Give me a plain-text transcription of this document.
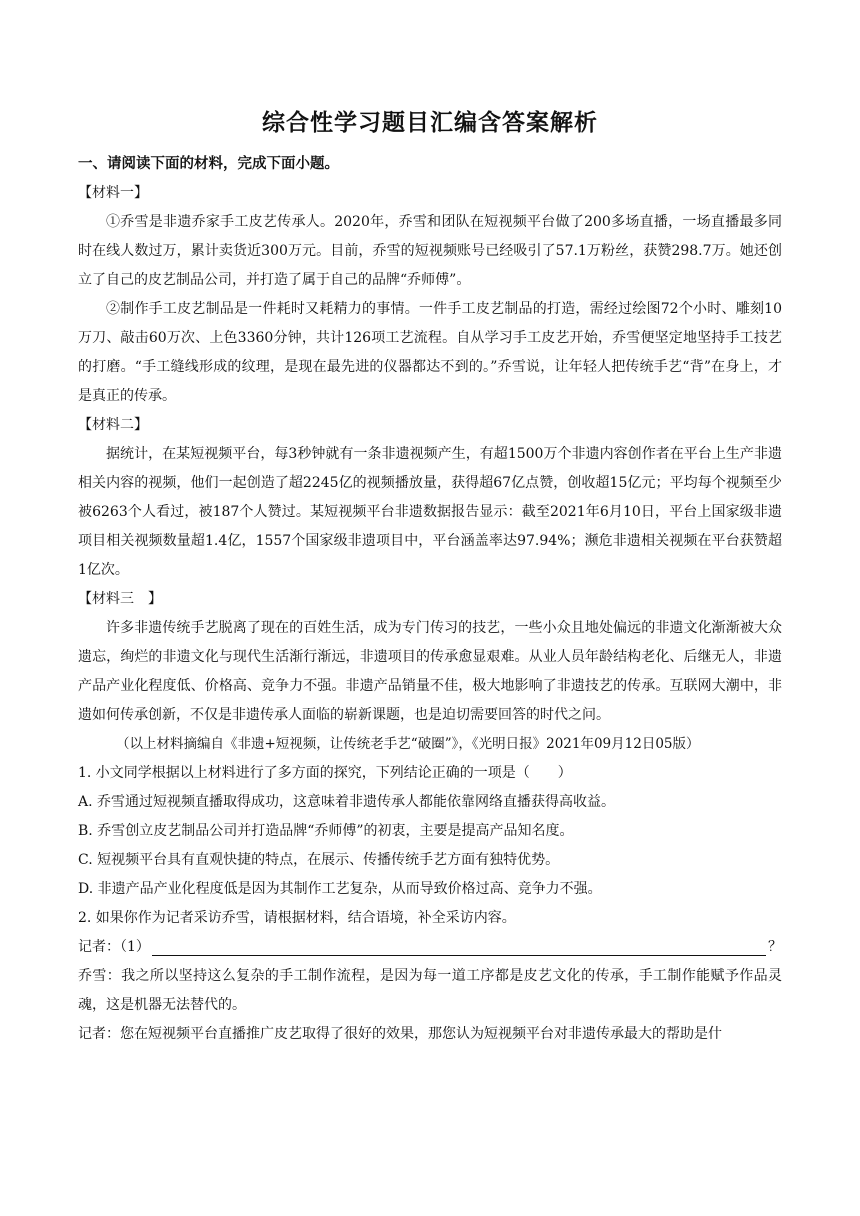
综合性学习题目汇编含答案解析

一、请阅读下面的材料，完成下面小题。

【材料一】

①乔雪是非遗乔家手工皮艺传承人。2020年，乔雪和团队在短视频平台做了200多场直播，一场直播最多同时在线人数过万，累计卖货近300万元。目前，乔雪的短视频账号已经吸引了57.1万粉丝，获赞298.7万。她还创立了自己的皮艺制品公司，并打造了属于自己的品牌“乔师傅”。

②制作手工皮艺制品是一件耗时又耗精力的事情。一件手工皮艺制品的打造，需经过绘图72个小时、雕刻10万刀、敲击60万次、上色3360分钟，共计126项工艺流程。自从学习手工皮艺开始，乔雪便坚定地坚持手工技艺的打磨。“手工缝线形成的纹理，是现在最先进的仪器都达不到的。”乔雪说，让年轻人把传统手艺“背”在身上，才是真正的传承。

【材料二】

据统计，在某短视频平台，每3秒钟就有一条非遗视频产生，有超1500万个非遗内容创作者在平台上生产非遗相关内容的视频，他们一起创造了超2245亿的视频播放量，获得超67亿点赞，创收超15亿元；平均每个视频至少被6263个人看过，被187个人赞过。某短视频平台非遗数据报告显示：截至2021年6月10日，平台上国家级非遗项目相关视频数量超1.4亿，1557个国家级非遗项目中，平台涵盖率达97.94%；濒危非遗相关视频在平台获赞超1亿次。

【材料三　】

许多非遗传统手艺脱离了现在的百姓生活，成为专门传习的技艺，一些小众且地处偏远的非遗文化渐渐被大众遗忘，绚烂的非遗文化与现代生活渐行渐远，非遗项目的传承愈显艰难。从业人员年龄结构老化、后继无人，非遗产品产业化程度低、价格高、竞争力不强。非遗产品销量不佳，极大地影响了非遗技艺的传承。互联网大潮中，非遗如何传承创新，不仅是非遗传承人面临的崭新课题，也是迫切需要回答的时代之问。

（以上材料摘编自《非遗+短视频，让传统老手艺“破圈”》，《光明日报》2021年09月12日05版）

1. 小文同学根据以上材料进行了多方面的探究，下列结论正确的一项是（　　）

A. 乔雪通过短视频直播取得成功，这意味着非遗传承人都能依靠网络直播获得高收益。

B. 乔雪创立皮艺制品公司并打造品牌“乔师傅”的初衷，主要是提高产品知名度。

C. 短视频平台具有直观快捷的特点，在展示、传播传统手艺方面有独特优势。

D. 非遗产品产业化程度低是因为其制作工艺复杂，从而导致价格过高、竞争力不强。

2. 如果你作为记者采访乔雪，请根据材料，结合语境，补全采访内容。

记者：（1）	？

乔雪：我之所以坚持这么复杂的手工制作流程，是因为每一道工序都是皮艺文化的传承，手工制作能赋予作品灵魂，这是机器无法替代的。

记者：您在短视频平台直播推广皮艺取得了很好的效果，那您认为短视频平台对非遗传承最大的帮助是什
